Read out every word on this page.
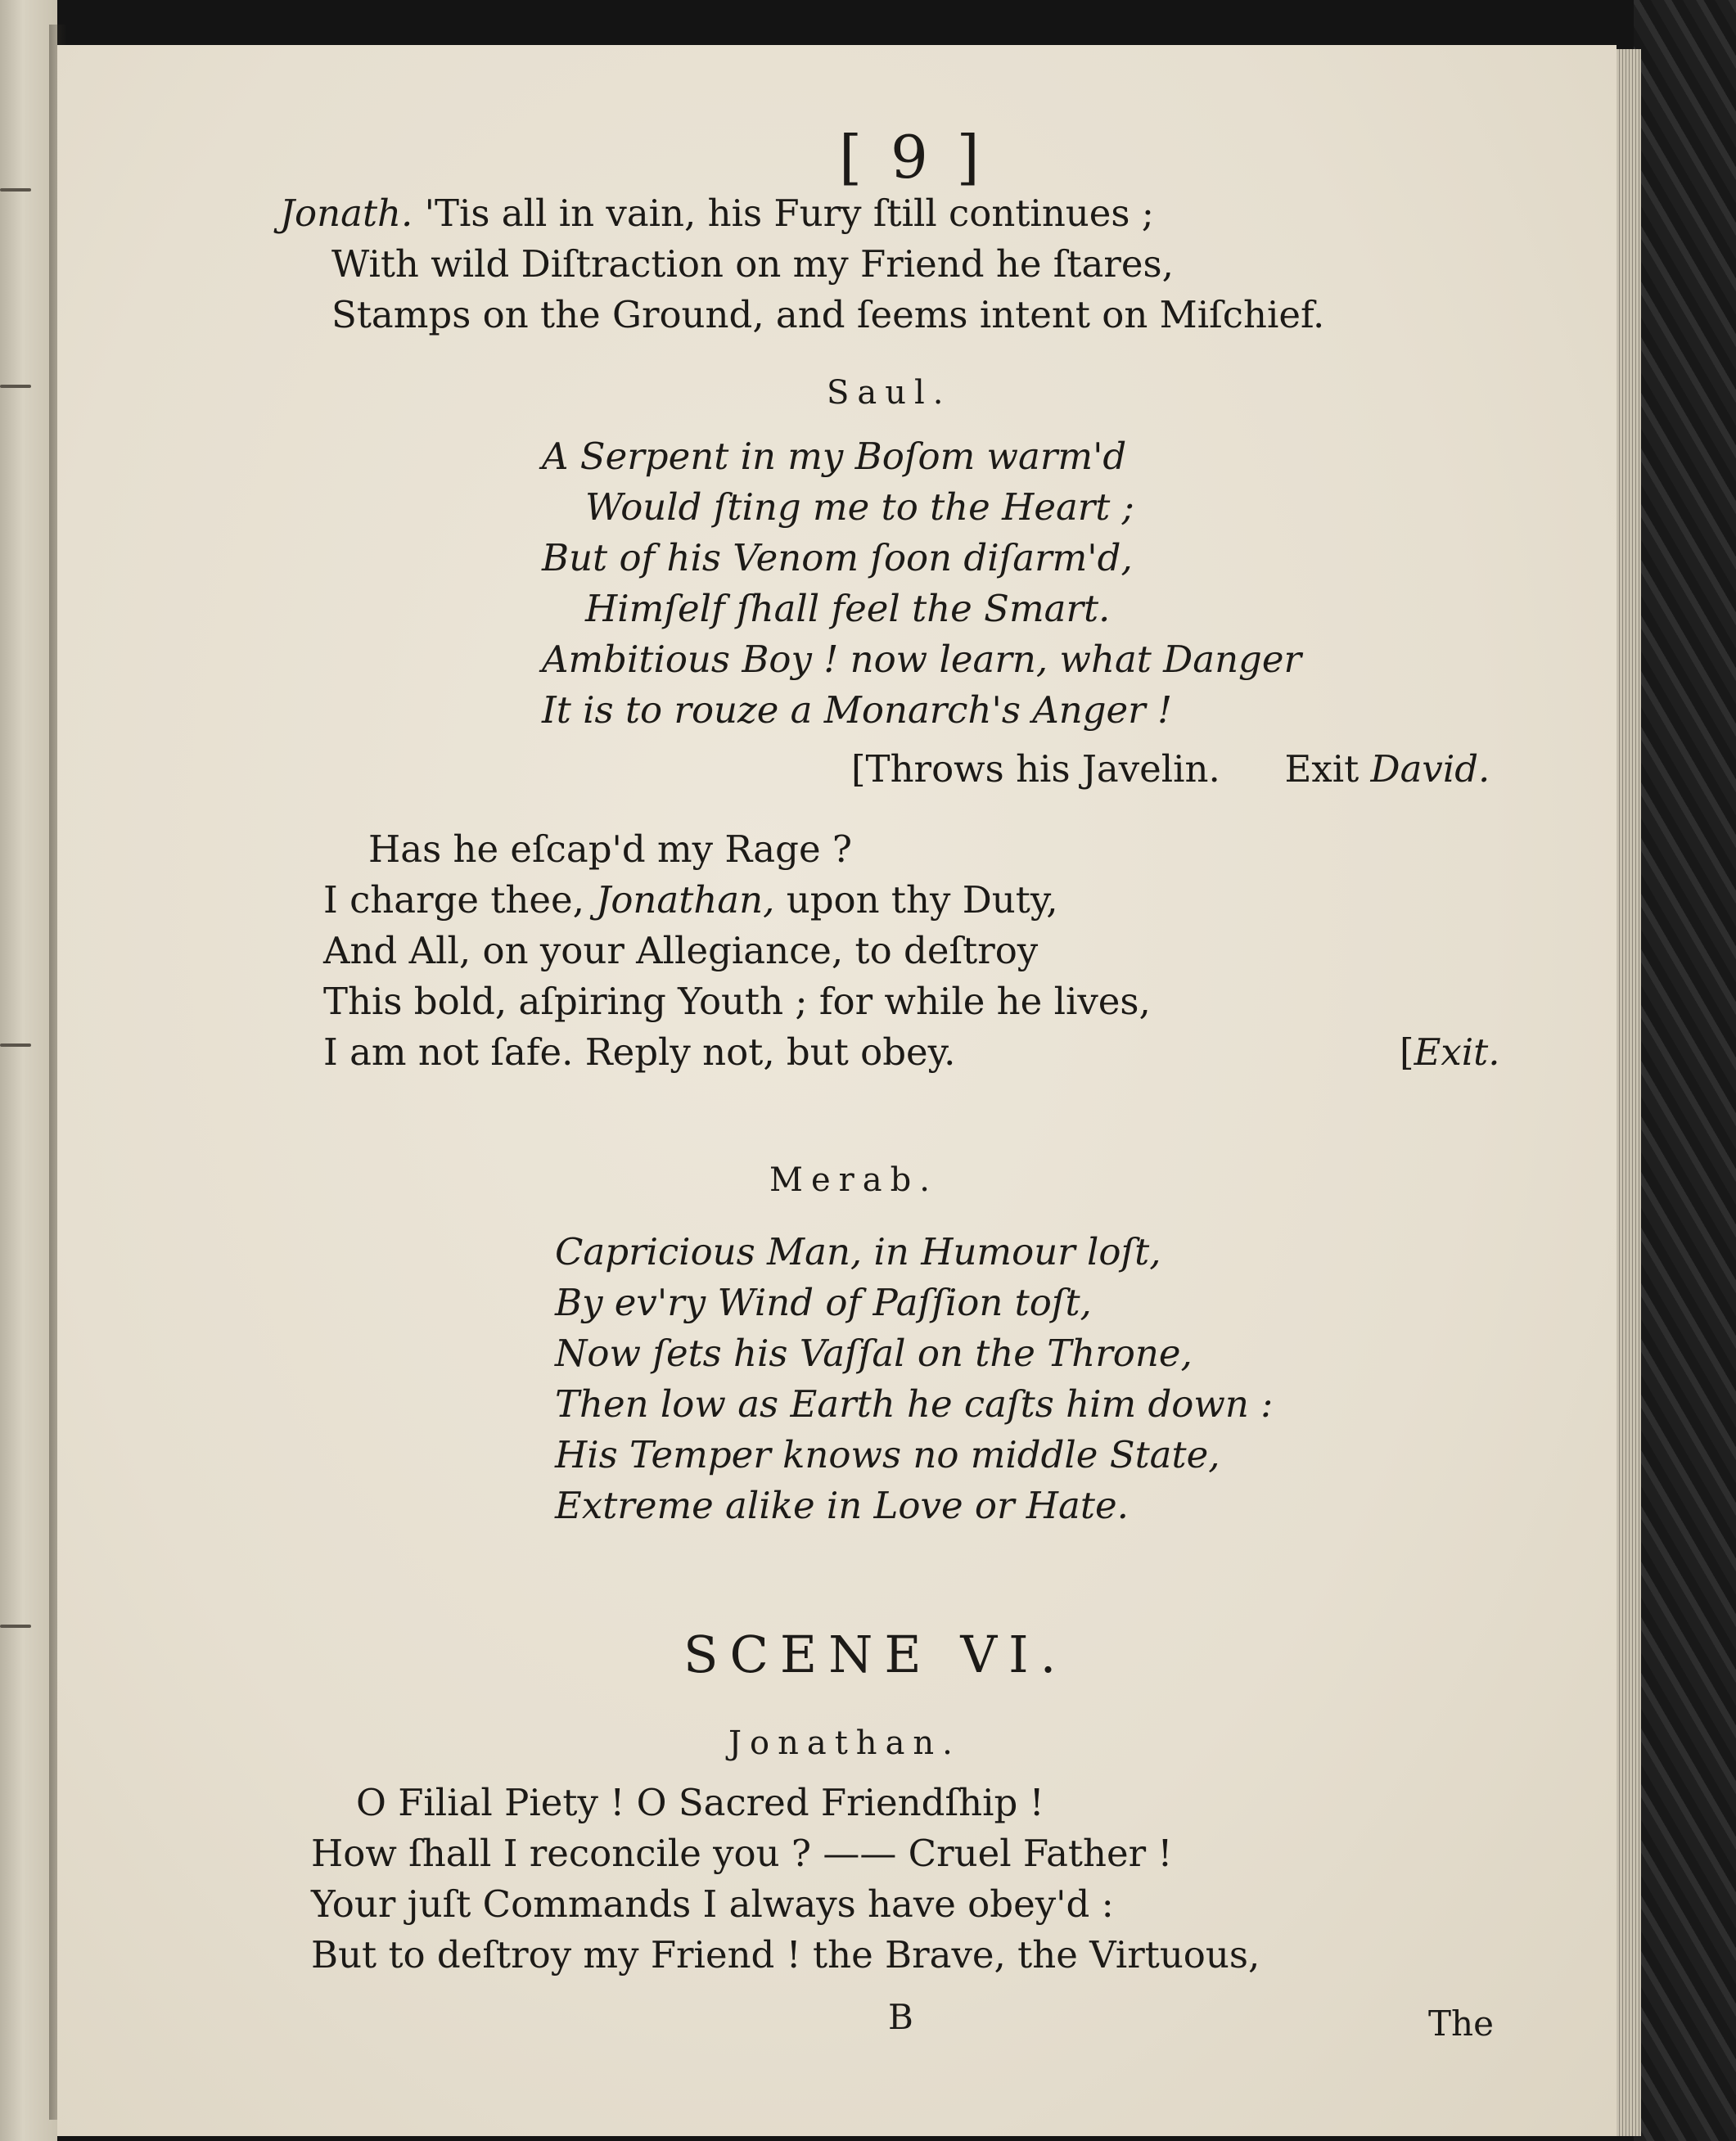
[ 9 ]
Jonath. 'Tis all in vain, his Fury ſtill continues ;
With wild Diſtraction on my Friend he ſtares,
Stamps on the Ground, and ſeems intent on Miſchief.
Saul.
A Serpent in my Boſom warm'd
Would ſting me to the Heart ;
But of his Venom ſoon diſarm'd,
Himſelf ſhall feel the Smart.
Ambitious Boy ! now learn, what Danger
It is to rouze a Monarch's Anger !
[Throws his Javelin. Exit David.
Has he eſcap'd my Rage ?
I charge thee, Jonathan, upon thy Duty,
And All, on your Allegiance, to deſtroy
This bold, aſpiring Youth ; for while he lives,
I am not ſafe. Reply not, but obey.	[Exit.
Merab.
Capricious Man, in Humour loſt,
By ev'ry Wind of Paſſion toſt,
Now ſets his Vaſſal on the Throne,
Then low as Earth he caſts him down :
His Temper knows no middle State,
Extreme alike in Love or Hate.
SCENE VI.
Jonathan.
O Filial Piety ! O Sacred Friendſhip !
How ſhall I reconcile you ? —— Cruel Father !
Your juſt Commands I always have obey'd :
But to deſtroy my Friend ! the Brave, the Virtuous,
B	The
